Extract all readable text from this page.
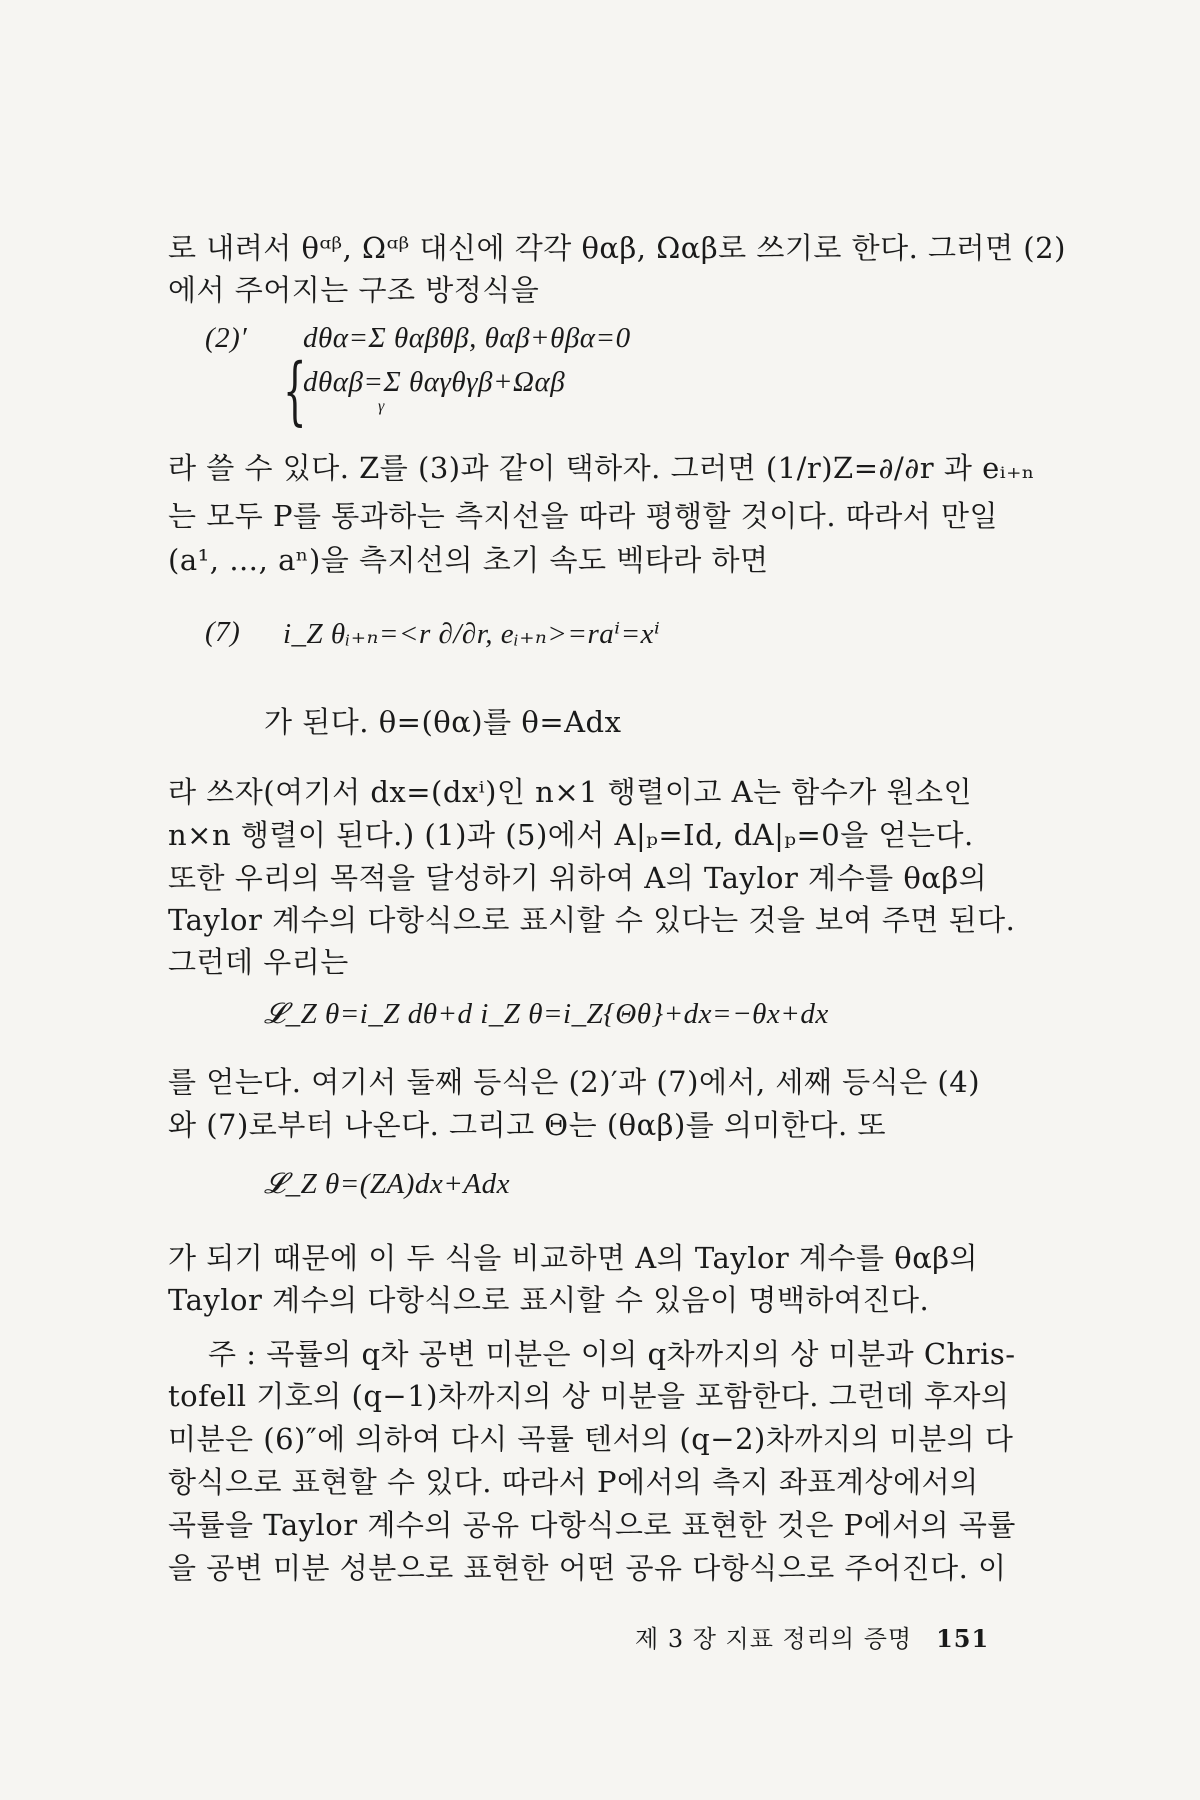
로 내려서 θᵅᵝ, Ωᵅᵝ 대신에 각각 θαβ, Ωαβ로 쓰기로 한다. 그러면 (2)
에서 주어지는 구조 방정식을
(2)′
{
dθα=Σ θαβθβ, θαβ+θβα=0
dθαβ=Σ θαγθγβ+Ωαβ
γ
라 쓸 수 있다. Z를 (3)과 같이 택하자. 그러면 (1/r)Z=∂/∂r 과 eᵢ₊ₙ
는 모두 P를 통과하는 측지선을 따라 평행할 것이다. 따라서 만일
(a¹, …, aⁿ)을 측지선의 초기 속도 벡타라 하면
(7) i_Z θᵢ₊ₙ=<r ∂/∂r, eᵢ₊ₙ>=raⁱ=xⁱ
가 된다. θ=(θα)를 θ=Adx
라 쓰자(여기서 dx=(dxⁱ)인 n×1 행렬이고 A는 함수가 원소인
n×n 행렬이 된다.) (1)과 (5)에서 A|ₚ=Id, dA|ₚ=0을 얻는다.
또한 우리의 목적을 달성하기 위하여 A의 Taylor 계수를 θαβ의
Taylor 계수의 다항식으로 표시할 수 있다는 것을 보여 주면 된다.
그런데 우리는
𝓛_Z θ=i_Z dθ+d i_Z θ=i_Z{Θθ}+dx=−θx+dx
를 얻는다. 여기서 둘째 등식은 (2)′과 (7)에서, 세째 등식은 (4)
와 (7)로부터 나온다. 그리고 Θ는 (θαβ)를 의미한다. 또
𝓛_Z θ=(ZA)dx+Adx
가 되기 때문에 이 두 식을 비교하면 A의 Taylor 계수를 θαβ의
Taylor 계수의 다항식으로 표시할 수 있음이 명백하여진다.
주 : 곡률의 q차 공변 미분은 이의 q차까지의 상 미분과 Chris-
tofell 기호의 (q−1)차까지의 상 미분을 포함한다. 그런데 후자의
미분은 (6)″에 의하여 다시 곡률 텐서의 (q−2)차까지의 미분의 다
항식으로 표현할 수 있다. 따라서 P에서의 측지 좌표계상에서의
곡률을 Taylor 계수의 공유 다항식으로 표현한 것은 P에서의 곡률
을 공변 미분 성분으로 표현한 어떤 공유 다항식으로 주어진다. 이
제 3 장 지표 정리의 증명 151
